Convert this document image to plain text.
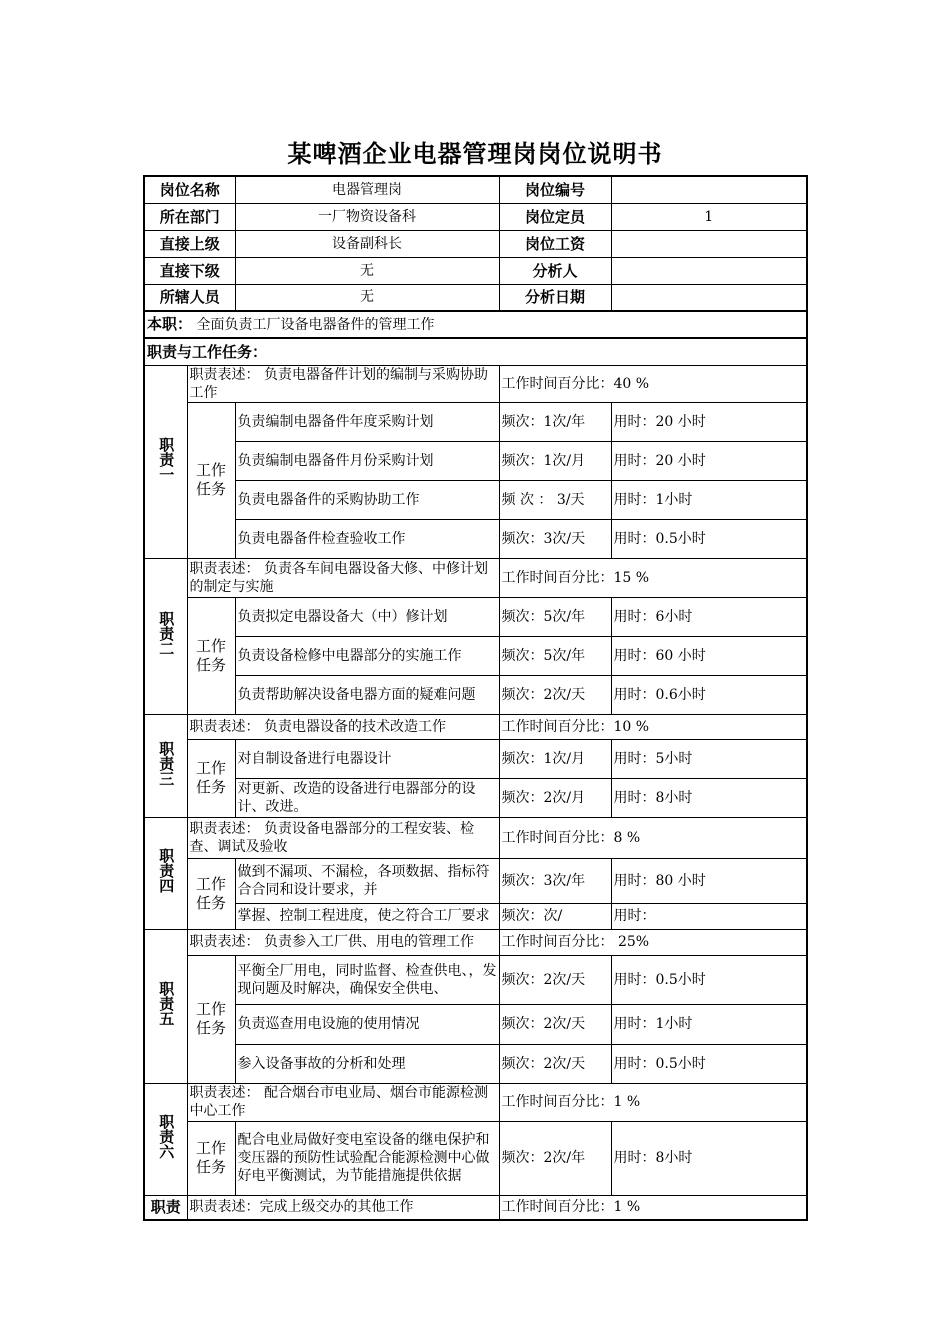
某啤酒企业电器管理岗岗位说明书
岗位名称		电器管理岗	岗位编号	
所在部门		一厂物资设备科	岗位定员	1
直接上级		设备副科长	岗位工资	
直接下级		无	分析人	
所辖人员		无	分析日期	
本职： 全面负责工厂设备电器备件的管理工作				
职责与工作任务：				
职责一	职责表述： 负责电器备件计划的编制与采购协助工作		工作时间百分比：40 %	
	工作任务	负责编制电器备件年度采购计划	频次：1次/年	用时：20 小时
		负责编制电器备件月份采购计划	频次：1次/月	用时：20 小时
		负责电器备件的采购协助工作	频 次 ： 3/天	用时：1小时
		负责电器备件检查验收工作	频次：3次/天	用时：0.5小时
职责二	职责表述： 负责各车间电器设备大修、中修计划的制定与实施		工作时间百分比：15 %	
	工作任务	负责拟定电器设备大（中）修计划	频次：5次/年	用时：6小时
		负责设备检修中电器部分的实施工作	频次：5次/年	用时：60 小时
		负责帮助解决设备电器方面的疑难问题	频次：2次/天	用时：0.6小时
职责三	职责表述： 负责电器设备的技术改造工作		工作时间百分比：10 %	
	工作任务	对自制设备进行电器设计	频次：1次/月	用时：5小时
		对更新、改造的设备进行电器部分的设计、改进。	频次：2次/月	用时：8小时
职责四	职责表述： 负责设备电器部分的工程安装、检查、调试及验收		工作时间百分比：8 %	
	工作任务	做到不漏项、不漏检，各项数据、指标符合合同和设计要求，并	频次：3次/年	用时：80 小时
		掌握、控制工程进度，使之符合工厂要求	频次：次/	用时：
职责五	职责表述： 负责参入工厂供、用电的管理工作		工作时间百分比： 25%	
	工作任务	平衡全厂用电，同时监督、检查供电、，发现问题及时解决，确保安全供电、	频次：2次/天	用时：0.5小时
		负责巡查用电设施的使用情况	频次：2次/天	用时：1小时
		参入设备事故的分析和处理	频次：2次/天	用时：0.5小时
职责六	职责表述： 配合烟台市电业局、烟台市能源检测中心工作		工作时间百分比：1 %	
	工作任务	配合电业局做好变电室设备的继电保护和变压器的预防性试验配合能源检测中心做好电平衡测试，为节能措施提供依据	频次：2次/年	用时：8小时
职责	职责表述：完成上级交办的其他工作		工作时间百分比：1 %	
